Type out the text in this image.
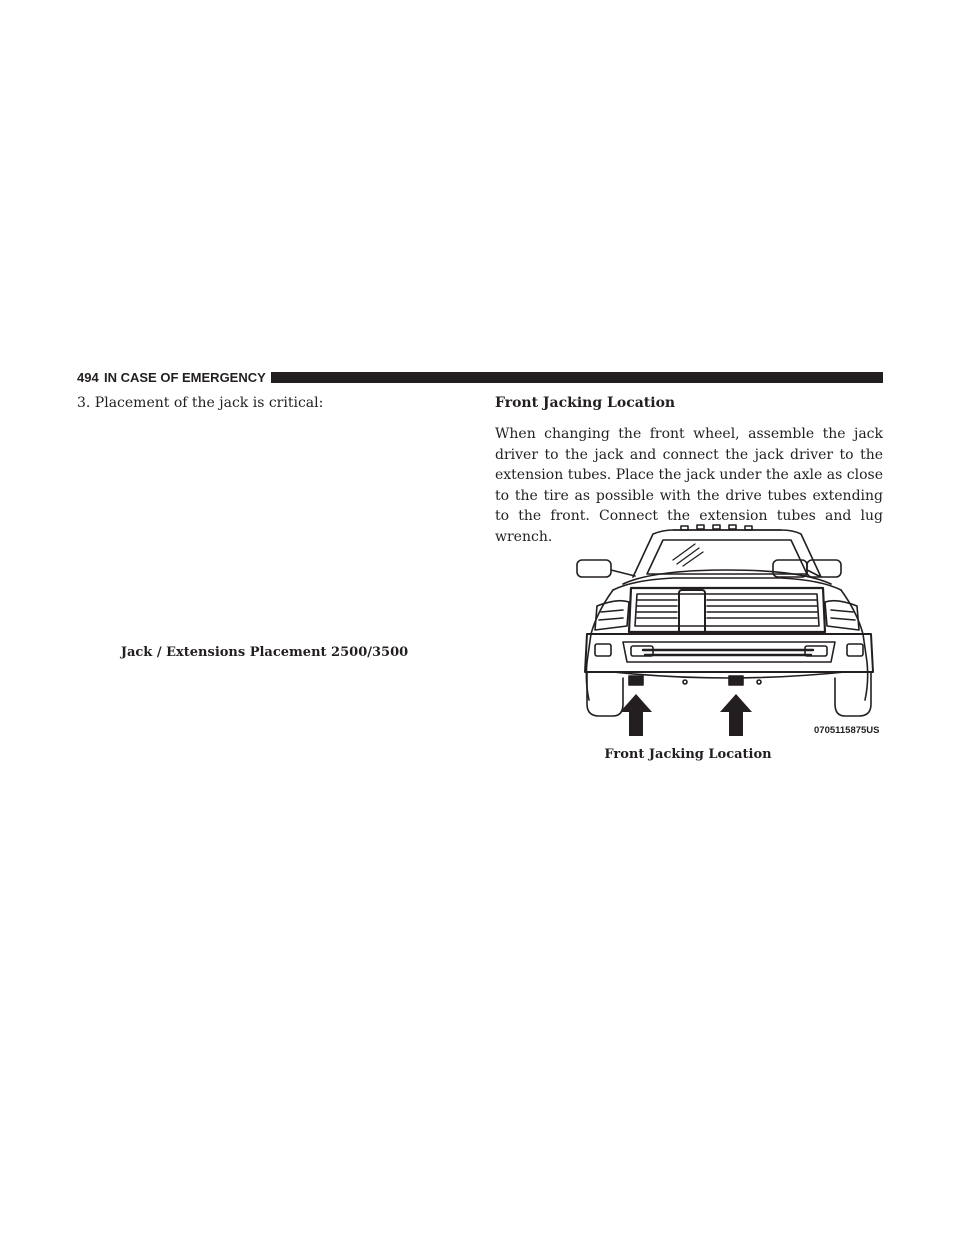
494 IN CASE OF EMERGENCY
3. Placement of the jack is critical:
Jack / Extensions Placement 2500/3500
Front Jacking Location
When changing the front wheel, assemble the jack driver to the jack and connect the jack driver to the extension tubes. Place the jack under the axle as close to the tire as possible with the drive tubes extending to the front. Connect the extension tubes and lug wrench.
0705115875US
Front Jacking Location
